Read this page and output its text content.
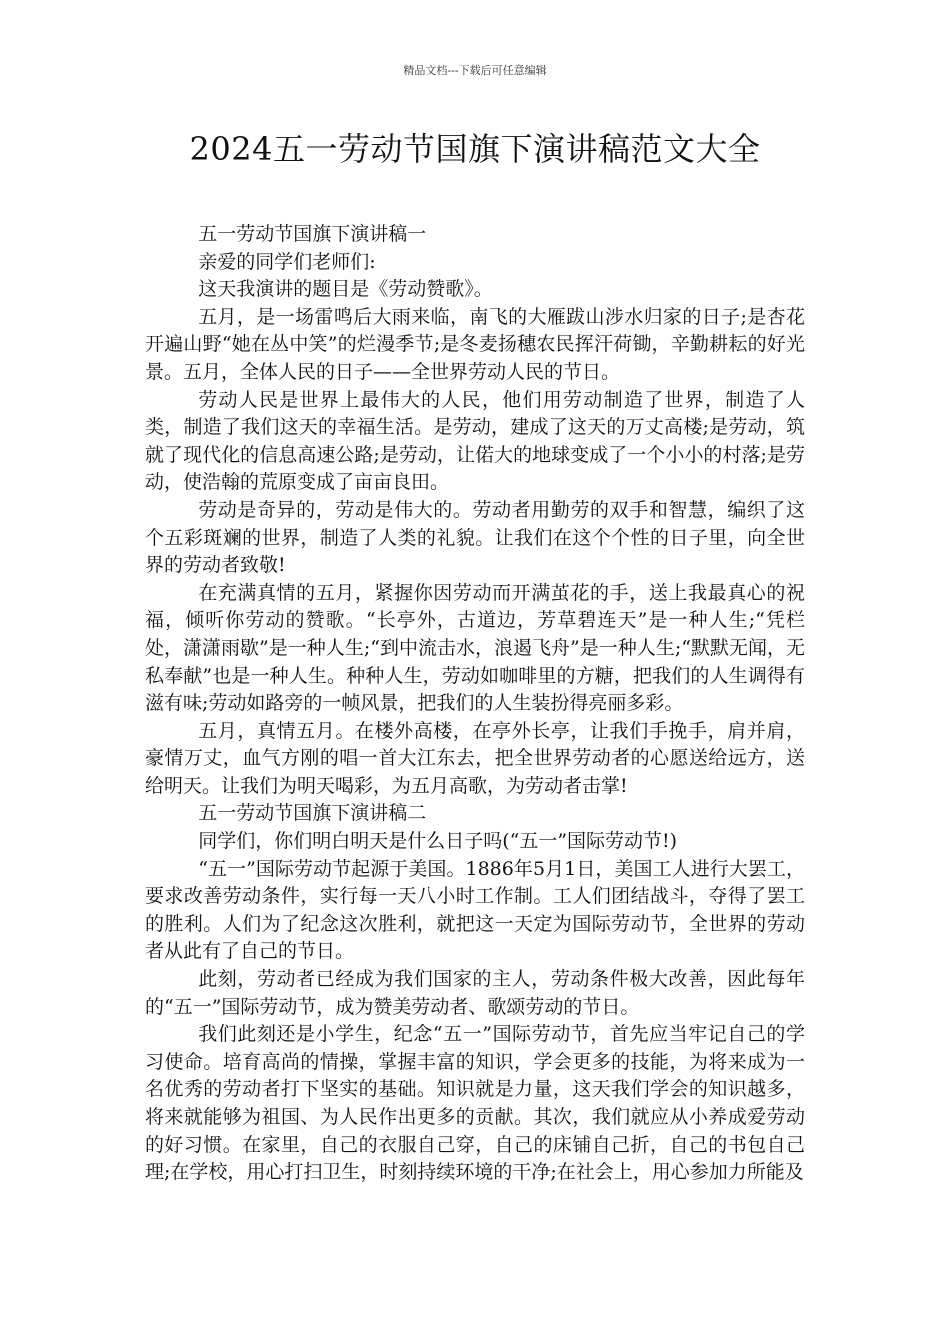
精品文档---下载后可任意编辑
2024五一劳动节国旗下演讲稿范文大全

五一劳动节国旗下演讲稿一

亲爱的同学们老师们:

这天我演讲的题目是《劳动赞歌》。

五月，是一场雷鸣后大雨来临，南飞的大雁跋山涉水归家的日子;是杏花开遍山野“她在丛中笑”的烂漫季节;是冬麦扬穗农民挥汗荷锄，辛勤耕耘的好光景。五月，全体人民的日子——全世界劳动人民的节日。

劳动人民是世界上最伟大的人民，他们用劳动制造了世界，制造了人类，制造了我们这天的幸福生活。是劳动，建成了这天的万丈高楼;是劳动，筑就了现代化的信息高速公路;是劳动，让偌大的地球变成了一个小小的村落;是劳动，使浩翰的荒原变成了亩亩良田。

劳动是奇异的，劳动是伟大的。劳动者用勤劳的双手和智慧，编织了这个五彩斑斓的世界，制造了人类的礼貌。让我们在这个个性的日子里，向全世界的劳动者致敬!

在充满真情的五月，紧握你因劳动而开满茧花的手，送上我最真心的祝福，倾听你劳动的赞歌。“长亭外，古道边，芳草碧连天”是一种人生;“凭栏处，潇潇雨歇”是一种人生;“到中流击水，浪遏飞舟”是一种人生;“默默无闻，无私奉献”也是一种人生。种种人生，劳动如咖啡里的方糖，把我们的人生调得有滋有味;劳动如路旁的一帧风景，把我们的人生装扮得亮丽多彩。

五月，真情五月。在楼外高楼，在亭外长亭，让我们手挽手，肩并肩，豪情万丈，血气方刚的唱一首大江东去，把全世界劳动者的心愿送给远方，送给明天。让我们为明天喝彩，为五月高歌，为劳动者击掌!

五一劳动节国旗下演讲稿二

同学们，你们明白明天是什么日子吗(“五一”国际劳动节!)

“五一”国际劳动节起源于美国。1886年5月1日，美国工人进行大罢工，要求改善劳动条件，实行每一天八小时工作制。工人们团结战斗，夺得了罢工的胜利。人们为了纪念这次胜利，就把这一天定为国际劳动节，全世界的劳动者从此有了自己的节日。

此刻，劳动者已经成为我们国家的主人，劳动条件极大改善，因此每年的“五一”国际劳动节，成为赞美劳动者、歌颂劳动的节日。

我们此刻还是小学生，纪念“五一”国际劳动节，首先应当牢记自己的学习使命。培育高尚的情操，掌握丰富的知识，学会更多的技能，为将来成为一名优秀的劳动者打下坚实的基础。知识就是力量，这天我们学会的知识越多，将来就能够为祖国、为人民作出更多的贡献。其次，我们就应从小养成爱劳动的好习惯。在家里，自己的衣服自己穿，自己的床铺自己折，自己的书包自己理;在学校，用心打扫卫生，时刻持续环境的干净;在社会上，用心参加力所能及
